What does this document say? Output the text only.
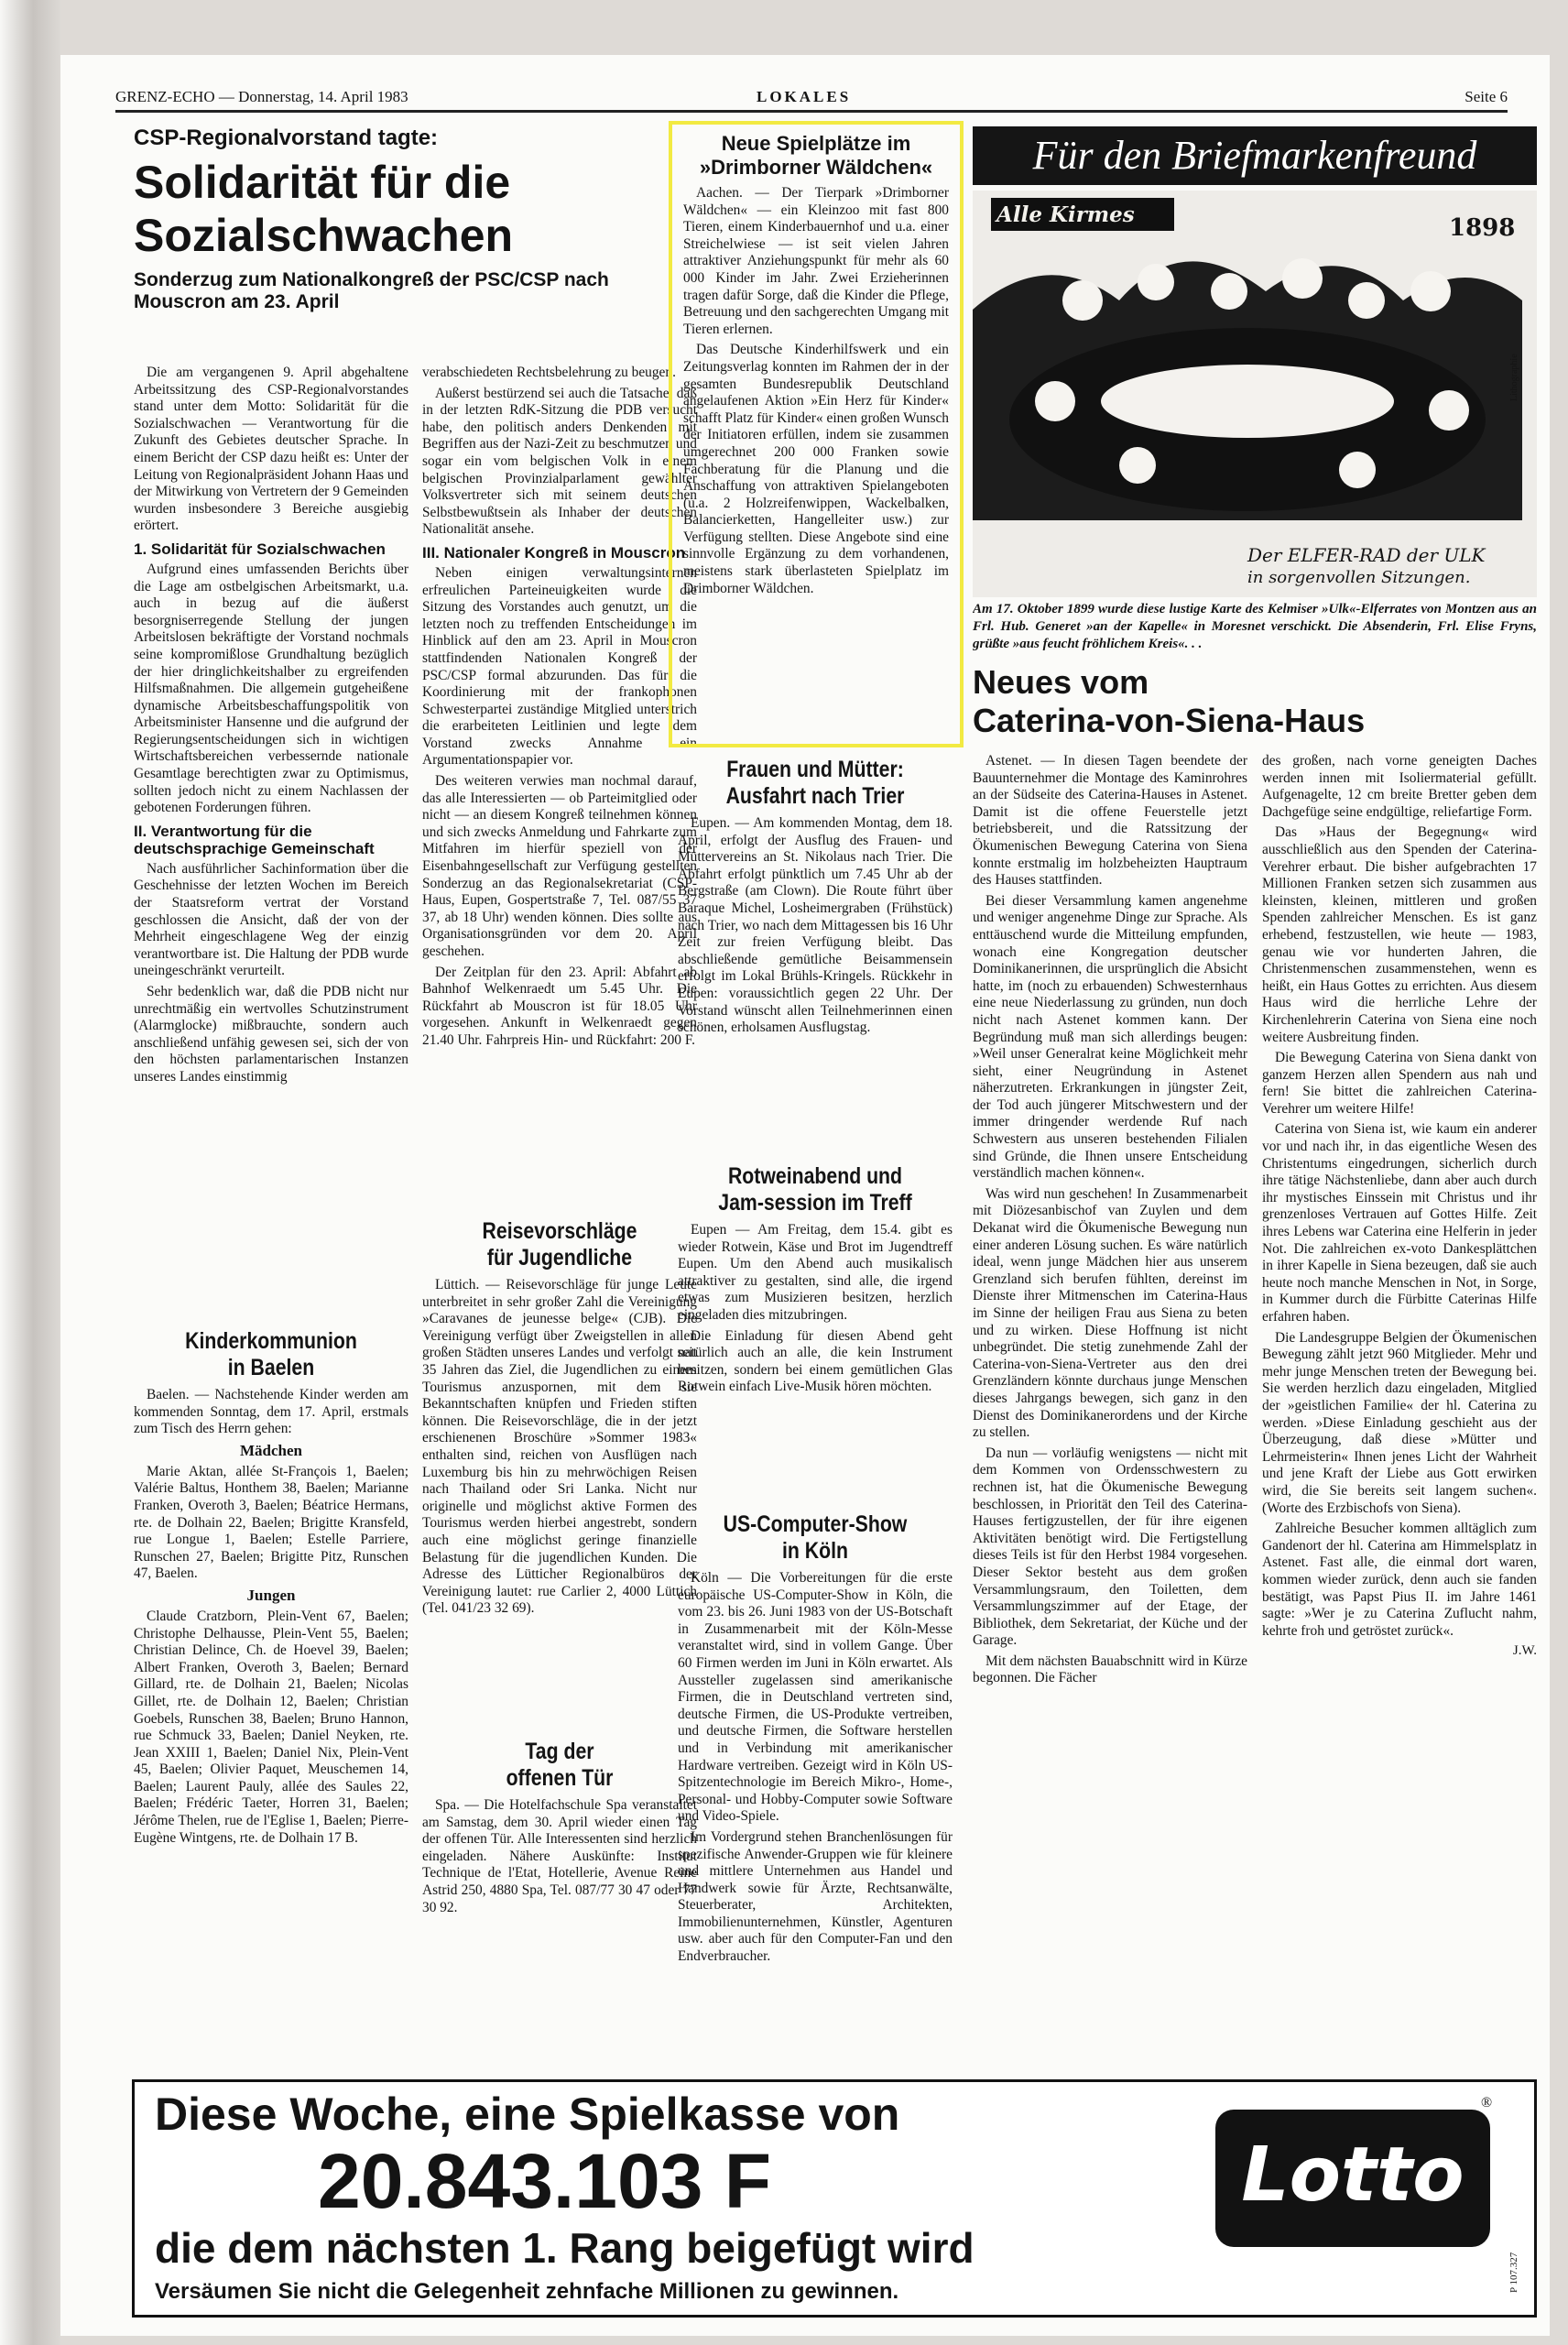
GRENZ-ECHO — Donnerstag, 14. April 1983	LOKALES	Seite 6
CSP-Regionalvorstand tagte:
Solidarität für die
Sozialschwachen
Sonderzug zum Nationalkongreß der PSC/CSP nach Mouscron am 23. April

Die am vergangenen 9. April abgehaltene Arbeitssitzung des CSP-Regionalvorstandes stand unter dem Motto: Solidarität für die Sozialschwachen — Verantwortung für die Zukunft des Gebietes deutscher Sprache. In einem Bericht der CSP dazu heißt es: Unter der Leitung von Regionalpräsident Johann Haas und der Mitwirkung von Vertretern der 9 Gemeinden wurden insbesondere 3 Bereiche ausgiebig erörtert.

1. Solidarität für Sozialschwachen

Aufgrund eines umfassenden Berichts über die Lage am ostbelgischen Arbeitsmarkt, u.a. auch in bezug auf die äußerst besorgniserregende Stellung der jungen Arbeitslosen bekräftigte der Vorstand nochmals seine kompromißlose Grundhaltung bezüglich der hier dringlichkeitshalber zu ergreifenden Hilfsmaßnahmen. Die allgemein gutgeheißene dynamische Arbeitsbeschaffungspolitik von Arbeitsminister Hansenne und die aufgrund der Regierungsentscheidungen sich in wichtigen Wirtschaftsbereichen verbessernde nationale Gesamtlage berechtigten zwar zu Optimismus, sollten jedoch nicht zu einem Nachlassen der gebotenen Forderungen führen.

II. Verantwortung für die deutschsprachige Gemeinschaft

Nach ausführlicher Sachinformation über die Geschehnisse der letzten Wochen im Bereich der Staatsreform vertrat der Vorstand geschlossen die Ansicht, daß der von der Mehrheit eingeschlagene Weg der einzig verantwortbare ist. Die Haltung der PDB wurde uneingeschränkt verurteilt.

Sehr bedenklich war, daß die PDB nicht nur unrechtmäßig ein wertvolles Schutzinstrument (Alarmglocke) mißbrauchte, sondern auch anschließend unfähig gewesen sei, sich der von den höchsten parlamentarischen Instanzen unseres Landes einstimmig

Kinderkommunion
in Baelen

Baelen. — Nachstehende Kinder werden am kommenden Sonntag, dem 17. April, erstmals zum Tisch des Herrn gehen:

Mädchen

Marie Aktan, allée St-François 1, Baelen; Valérie Baltus, Honthem 38, Baelen; Marianne Franken, Overoth 3, Baelen; Béatrice Hermans, rte. de Dolhain 22, Baelen; Brigitte Kransfeld, rue Longue 1, Baelen; Estelle Parriere, Runschen 27, Baelen; Brigitte Pitz, Runschen 47, Baelen.

Jungen

Claude Cratzborn, Plein-Vent 67, Baelen; Christophe Delhausse, Plein-Vent 55, Baelen; Christian Delince, Ch. de Hoevel 39, Baelen; Albert Franken, Overoth 3, Baelen; Bernard Gillard, rte. de Dolhain 21, Baelen; Nicolas Gillet, rte. de Dolhain 12, Baelen; Christian Goebels, Runschen 38, Baelen; Bruno Hannon, rue Schmuck 33, Baelen; Daniel Neyken, rte. Jean XXIII 1, Baelen; Daniel Nix, Plein-Vent 45, Baelen; Olivier Paquet, Meuschemen 14, Baelen; Laurent Pauly, allée des Saules 22, Baelen; Frédéric Taeter, Horren 31, Baelen; Jérôme Thelen, rue de l'Eglise 1, Baelen; Pierre-Eugène Wintgens, rte. de Dolhain 17 B.

verabschiedeten Rechtsbelehrung zu beugen.

Außerst bestürzend sei auch die Tatsache, daß in der letzten RdK-Sitzung die PDB versucht habe, den politisch anders Denkenden mit Begriffen aus der Nazi-Zeit zu beschmutzen und sogar ein vom belgischen Volk in einem belgischen Provinzialparlament gewählter Volksvertreter sich mit seinem deutschen Selbstbewußtsein als Inhaber der deutschen Nationalität ansehe.

III. Nationaler Kongreß in Mouscron

Neben einigen verwaltungsinternen erfreulichen Parteineuigkeiten wurde die Sitzung des Vorstandes auch genutzt, um die letzten noch zu treffenden Entscheidungen im Hinblick auf den am 23. April in Mouscron stattfindenden Nationalen Kongreß der PSC/CSP formal abzurunden. Das für die Koordinierung mit der frankophonen Schwesterpartei zuständige Mitglied unterstrich die erarbeiteten Leitlinien und legte dem Vorstand zwecks Annahme ein Argumentationspapier vor.

Des weiteren verwies man nochmal darauf, das alle Interessierten — ob Parteimitglied oder nicht — an diesem Kongreß teilnehmen können und sich zwecks Anmeldung und Fahrkarte zum Mitfahren im hierfür speziell von der Eisenbahngesellschaft zur Verfügung gestellten Sonderzug an das Regionalsekretariat (CSP-Haus, Eupen, Gospertstraße 7, Tel. 087/55 37 37, ab 18 Uhr) wenden können. Dies sollte aus Organisationsgründen vor dem 20. April geschehen.

Der Zeitplan für den 23. April: Abfahrt ab Bahnhof Welkenraedt um 5.45 Uhr. Die Rückfahrt ab Mouscron ist für 18.05 Uhr vorgesehen. Ankunft in Welkenraedt gegen 21.40 Uhr. Fahrpreis Hin- und Rückfahrt: 200 F.

Reisevorschläge
für Jugendliche

Lüttich. — Reisevorschläge für junge Leute unterbreitet in sehr großer Zahl die Vereinigung »Caravanes de jeunesse belge« (CJB). Die Vereinigung verfügt über Zweigstellen in allen großen Städten unseres Landes und verfolgt seit 35 Jahren das Ziel, die Jugendlichen zu einem Tourismus anzuspornen, mit dem sie Bekanntschaften knüpfen und Frieden stiften können. Die Reisevorschläge, die in der jetzt erschienenen Broschüre »Sommer 1983« enthalten sind, reichen von Ausflügen nach Luxemburg bis hin zu mehrwöchigen Reisen nach Thailand oder Sri Lanka. Nicht nur originelle und möglichst aktive Formen des Tourismus werden hierbei angestrebt, sondern auch eine möglichst geringe finanzielle Belastung für die jugendlichen Kunden. Die Adresse des Lütticher Regionalbüros der Vereinigung lautet: rue Carlier 2, 4000 Lüttich (Tel. 041/23 32 69).

Tag der
offenen Tür

Spa. — Die Hotelfachschule Spa veranstaltet am Samstag, dem 30. April wieder einen Tag der offenen Tür. Alle Interessenten sind herzlich eingeladen. Nähere Auskünfte: Institut Technique de l'Etat, Hotellerie, Avenue Reine Astrid 250, 4880 Spa, Tel. 087/77 30 47 oder 77 30 92.

Neue Spielplätze im
»Drimborner Wäldchen«

Aachen. — Der Tierpark »Drimborner Wäldchen« — ein Kleinzoo mit fast 800 Tieren, einem Kinderbauernhof und u.a. einer Streichelwiese — ist seit vielen Jahren attraktiver Anziehungspunkt für mehr als 60 000 Kinder im Jahr. Zwei Erzieherinnen tragen dafür Sorge, daß die Kinder die Pflege, Betreuung und den sachgerechten Umgang mit Tieren erlernen.

Das Deutsche Kinderhilfswerk und ein Zeitungsverlag konnten im Rahmen der in der gesamten Bundesrepublik Deutschland angelaufenen Aktion »Ein Herz für Kinder« schafft Platz für Kinder« einen großen Wunsch der Initiatoren erfüllen, indem sie zusammen umgerechnet 200 000 Franken sowie Fachberatung für die Planung und die Anschaffung von attraktiven Spielangeboten (u.a. 2 Holzreifenwippen, Wackelbalken, Balancierketten, Hangelleiter usw.) zur Verfügung stellten. Diese Angebote sind eine sinnvolle Ergänzung zu dem vorhandenen, meistens stark überlasteten Spielplatz im Drimborner Wäldchen.

Frauen und Mütter:
Ausfahrt nach Trier

Eupen. — Am kommenden Montag, dem 18. April, erfolgt der Ausflug des Frauen- und Müttervereins an St. Nikolaus nach Trier. Die Abfahrt erfolgt pünktlich um 7.45 Uhr ab der Bergstraße (am Clown). Die Route führt über Baraque Michel, Losheimergraben (Frühstück) nach Trier, wo nach dem Mittagessen bis 16 Uhr Zeit zur freien Verfügung bleibt. Das abschließende gemütliche Beisammensein erfolgt im Lokal Brühls-Kringels. Rückkehr in Eupen: voraussichtlich gegen 22 Uhr. Der Vorstand wünscht allen Teilnehmerinnen einen schönen, erholsamen Ausflugstag.

Rotweinabend und
Jam-session im Treff

Eupen — Am Freitag, dem 15.4. gibt es wieder Rotwein, Käse und Brot im Jugendtreff Eupen. Um den Abend auch musikalisch attraktiver zu gestalten, sind alle, die irgend etwas zum Musizieren besitzen, herzlich eingeladen dies mitzubringen.

Die Einladung für diesen Abend geht natürlich auch an alle, die kein Instrument besitzen, sondern bei einem gemütlichen Glas Rotwein einfach Live-Musik hören möchten.

US-Computer-Show
in Köln

Köln — Die Vorbereitungen für die erste europäische US-Computer-Show in Köln, die vom 23. bis 26. Juni 1983 von der US-Botschaft in Zusammenarbeit mit der Köln-Messe veranstaltet wird, sind in vollem Gange. Über 60 Firmen werden im Juni in Köln erwartet. Als Aussteller zugelassen sind amerikanische Firmen, die in Deutschland vertreten sind, deutsche Firmen, die US-Produkte vertreiben, und deutsche Firmen, die Software herstellen und in Verbindung mit amerikanischer Hardware vertreiben. Gezeigt wird in Köln US-Spitzentechnologie im Bereich Mikro-, Home-, Personal- und Hobby-Computer sowie Software und Video-Spiele.

Im Vordergrund stehen Branchenlösungen für spezifische Anwender-Gruppen wie für kleinere und mittlere Unternehmen aus Handel und Handwerk sowie für Ärzte, Rechtsanwälte, Steuerberater, Architekten, Immobilienunternehmen, Künstler, Agenturen usw. aber auch für den Computer-Fan und den Endverbraucher.

Für den Briefmarkenfreund
Alle Kirmes	1898
Lithographie
Der ELFER-RAD der ULK
in sorgenvollen Sitzungen.
Am 17. Oktober 1899 wurde diese lustige Karte des Kelmiser »Ulk«-Elferrates von Montzen aus an Frl. Hub. Generet »an der Kapelle« in Moresnet verschickt. Die Absenderin, Frl. Elise Fryns, grüßte »aus feucht fröhlichem Kreis«. . .
Neues vom
Caterina-von-Siena-Haus

Astenet. — In diesen Tagen beendete der Bauunternehmer die Montage des Kaminrohres an der Südseite des Caterina-Hauses in Astenet. Damit ist die offene Feuerstelle jetzt betriebsbereit, und die Ratssitzung der Ökumenischen Bewegung Caterina von Siena konnte erstmalig im holzbeheizten Hauptraum des Hauses stattfinden.

Bei dieser Versammlung kamen angenehme und weniger angenehme Dinge zur Sprache. Als enttäuschend wurde die Mitteilung empfunden, wonach eine Kongregation deutscher Dominikanerinnen, die ursprünglich die Absicht hatte, im (noch zu erbauenden) Schwesternhaus eine neue Niederlassung zu gründen, nun doch nicht nach Astenet kommen kann. Der Begründung muß man sich allerdings beugen: »Weil unser Generalrat keine Möglichkeit mehr sieht, einer Neugründung in Astenet näherzutreten. Erkrankungen in jüngster Zeit, der Tod auch jüngerer Mitschwestern und der immer dringender werdende Ruf nach Schwestern aus unseren bestehenden Filialen sind Gründe, die Ihnen unsere Entscheidung verständlich machen können«.

Was wird nun geschehen! In Zusammenarbeit mit Diözesanbischof van Zuylen und dem Dekanat wird die Ökumenische Bewegung nun einer anderen Lösung suchen. Es wäre natürlich ideal, wenn junge Mädchen hier aus unserem Grenzland sich berufen fühlten, dereinst im Dienste ihrer Mitmenschen im Caterina-Haus im Sinne der heiligen Frau aus Siena zu beten und zu wirken. Diese Hoffnung ist nicht unbegründet. Die stetig zunehmende Zahl der Caterina-von-Siena-Vertreter aus den drei Grenzländern könnte durchaus junge Menschen dieses Jahrgangs bewegen, sich ganz in den Dienst des Dominikanerordens und der Kirche zu stellen.

Da nun — vorläufig wenigstens — nicht mit dem Kommen von Ordensschwestern zu rechnen ist, hat die Ökumenische Bewegung beschlossen, in Priorität den Teil des Caterina-Hauses fertigzustellen, der für ihre eigenen Aktivitäten benötigt wird. Die Fertigstellung dieses Teils ist für den Herbst 1984 vorgesehen. Dieser Sektor besteht aus dem großen Versammlungsraum, den Toiletten, dem Versammlungszimmer auf der Etage, der Bibliothek, dem Sekretariat, der Küche und der Garage.

Mit dem nächsten Bauabschnitt wird in Kürze begonnen. Die Fächer

des großen, nach vorne geneigten Daches werden innen mit Isoliermaterial gefüllt. Aufgenagelte, 12 cm breite Bretter geben dem Dachgefüge seine endgültige, reliefartige Form.

Das »Haus der Begegnung« wird ausschließlich aus den Spenden der Caterina-Verehrer erbaut. Die bisher aufgebrachten 17 Millionen Franken setzen sich zusammen aus kleinsten, kleinen, mittleren und großen Spenden zahlreicher Menschen. Es ist ganz erhebend, festzustellen, wie heute — 1983, genau wie vor hunderten Jahren, die Christenmenschen zusammenstehen, wenn es heißt, ein Haus Gottes zu errichten. Aus diesem Haus wird die herrliche Lehre der Kirchenlehrerin Caterina von Siena eine noch weitere Ausbreitung finden.

Die Bewegung Caterina von Siena dankt von ganzem Herzen allen Spendern aus nah und fern! Sie bittet die zahlreichen Caterina-Verehrer um weitere Hilfe!

Caterina von Siena ist, wie kaum ein anderer vor und nach ihr, in das eigentliche Wesen des Christentums eingedrungen, sicherlich durch ihre tätige Nächstenliebe, dann aber auch durch ihr mystisches Einssein mit Christus und ihr grenzenloses Vertrauen auf Gottes Hilfe. Zeit ihres Lebens war Caterina eine Helferin in jeder Not. Die zahlreichen ex-voto Dankesplättchen in ihrer Kapelle in Siena bezeugen, daß sie auch heute noch manche Menschen in Not, in Sorge, in Kummer durch die Fürbitte Caterinas Hilfe erfahren haben.

Die Landesgruppe Belgien der Ökumenischen Bewegung zählt jetzt 960 Mitglieder. Mehr und mehr junge Menschen treten der Bewegung bei. Sie werden herzlich dazu eingeladen, Mitglied der »geistlichen Familie« der hl. Caterina zu werden. »Diese Einladung geschieht aus der Überzeugung, daß diese »Mütter und Lehrmeisterin« Ihnen jenes Licht der Wahrheit und jene Kraft der Liebe aus Gott erwirken wird, die Sie bereits seit langem suchen«. (Worte des Erzbischofs von Siena).

Zahlreiche Besucher kommen alltäglich zum Gandenort der hl. Caterina am Himmelsplatz in Astenet. Fast alle, die einmal dort waren, kommen wieder zurück, denn auch sie fanden bestätigt, was Papst Pius II. im Jahre 1461 sagte: »Wer je zu Caterina Zuflucht nahm, kehrte froh und getröstet zurück«.

J.W.
Diese Woche, eine Spielkasse von
20.843.103 F
die dem nächsten 1. Rang beigefügt wird
Versäumen Sie nicht die Gelegenheit zehnfache Millionen zu gewinnen.
Lotto
®
P 107.327
